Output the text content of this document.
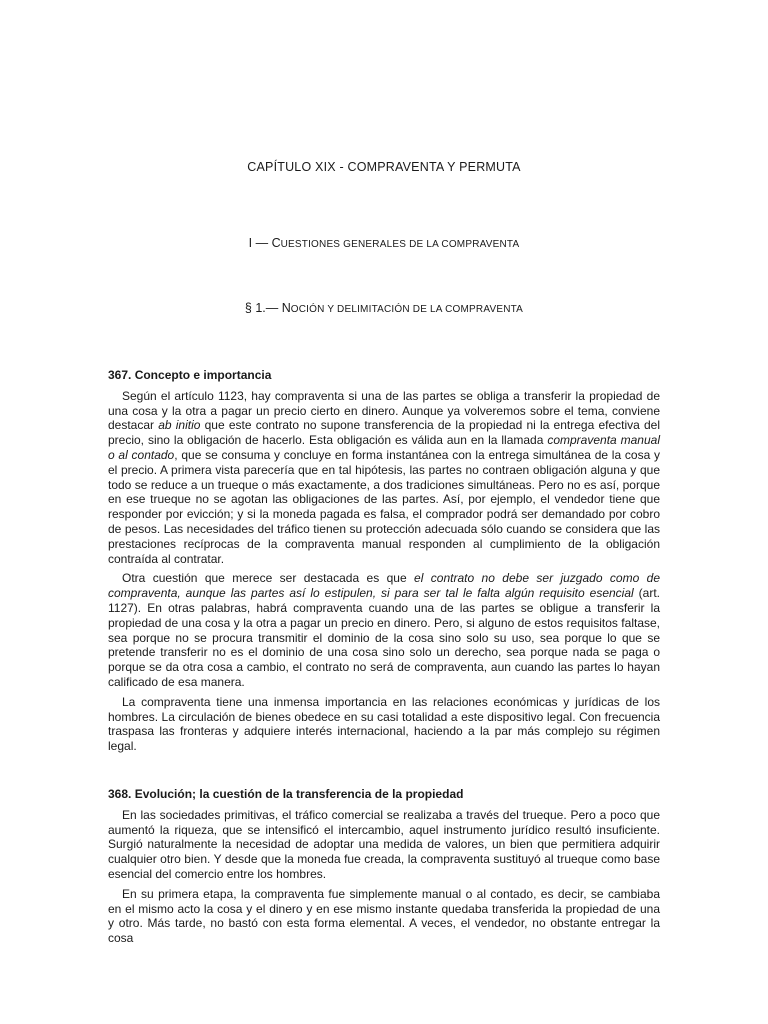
CAPÍTULO XIX - COMPRAVENTA Y PERMUTA
I — CUESTIONES GENERALES DE LA COMPRAVENTA
§ 1.— NOCIÓN Y DELIMITACIÓN DE LA COMPRAVENTA

367. Concepto e importancia

Según el artículo 1123, hay compraventa si una de las partes se obliga a transferir la propiedad de una cosa y la otra a pagar un precio cierto en dinero. Aunque ya volveremos sobre el tema, conviene destacar ab initio que este contrato no supone transferencia de la propiedad ni la entrega efectiva del precio, sino la obligación de hacerlo. Esta obligación es válida aun en la llamada compraventa manual o al contado, que se consuma y concluye en forma instantánea con la entrega simultánea de la cosa y el precio. A primera vista parecería que en tal hipótesis, las partes no contraen obligación alguna y que todo se reduce a un trueque o más exactamente, a dos tradiciones simultáneas. Pero no es así, porque en ese trueque no se agotan las obligaciones de las partes. Así, por ejemplo, el vendedor tiene que responder por evicción; y si la moneda pagada es falsa, el comprador podrá ser demandado por cobro de pesos. Las necesidades del tráfico tienen su protección adecuada sólo cuando se considera que las prestaciones recíprocas de la compraventa manual responden al cumplimiento de la obligación contraída al contratar.

Otra cuestión que merece ser destacada es que el contrato no debe ser juzgado como de compraventa, aunque las partes así lo estipulen, si para ser tal le falta algún requisito esencial (art. 1127). En otras palabras, habrá compraventa cuando una de las partes se obligue a transferir la propiedad de una cosa y la otra a pagar un precio en dinero. Pero, si alguno de estos requisitos faltase, sea porque no se procura transmitir el dominio de la cosa sino solo su uso, sea porque lo que se pretende transferir no es el dominio de una cosa sino solo un derecho, sea porque nada se paga o porque se da otra cosa a cambio, el contrato no será de compraventa, aun cuando las partes lo hayan calificado de esa manera.

La compraventa tiene una inmensa importancia en las relaciones económicas y jurídicas de los hombres. La circulación de bienes obedece en su casi totalidad a este dispositivo legal. Con frecuencia traspasa las fronteras y adquiere interés internacional, haciendo a la par más complejo su régimen legal.

368. Evolución; la cuestión de la transferencia de la propiedad

En las sociedades primitivas, el tráfico comercial se realizaba a través del trueque. Pero a poco que aumentó la riqueza, que se intensificó el intercambio, aquel instrumento jurídico resultó insuficiente. Surgió naturalmente la necesidad de adoptar una medida de valores, un bien que permitiera adquirir cualquier otro bien. Y desde que la moneda fue creada, la compraventa sustituyó al trueque como base esencial del comercio entre los hombres.

En su primera etapa, la compraventa fue simplemente manual o al contado, es decir, se cambiaba en el mismo acto la cosa y el dinero y en ese mismo instante quedaba transferida la propiedad de una y otro. Más tarde, no bastó con esta forma elemental. A veces, el vendedor, no obstante entregar la cosa
